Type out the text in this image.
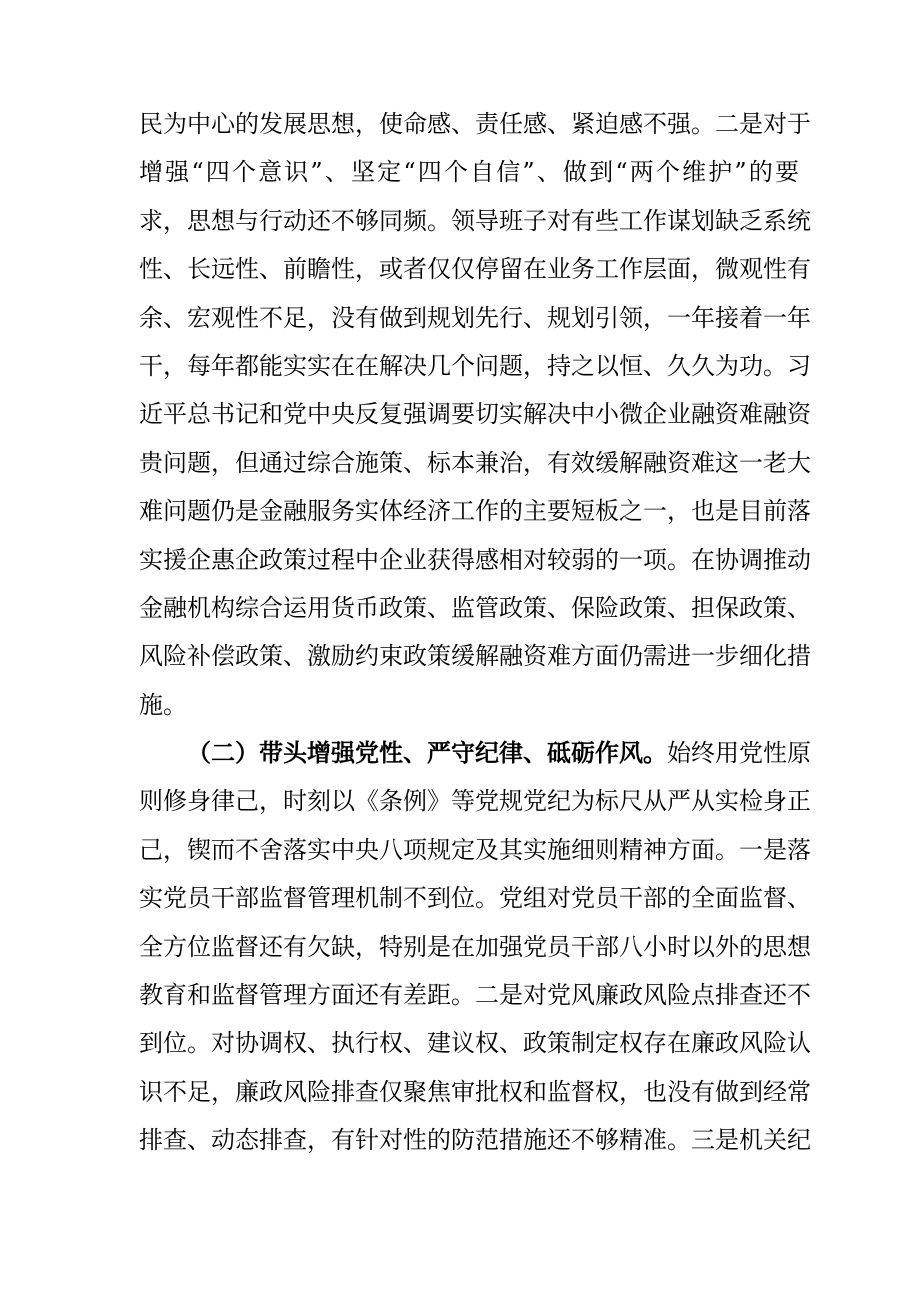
民为中心的发展思想，使命感、责任感、紧迫感不强。二是对于
增强“四个意识”、坚定“四个自信”、做到“两个维护”的要
求，思想与行动还不够同频。领导班子对有些工作谋划缺乏系统
性、长远性、前瞻性，或者仅仅停留在业务工作层面，微观性有
余、宏观性不足，没有做到规划先行、规划引领，一年接着一年
干，每年都能实实在在解决几个问题，持之以恒、久久为功。习
近平总书记和党中央反复强调要切实解决中小微企业融资难融资
贵问题，但通过综合施策、标本兼治，有效缓解融资难这一老大
难问题仍是金融服务实体经济工作的主要短板之一，也是目前落
实援企惠企政策过程中企业获得感相对较弱的一项。在协调推动
金融机构综合运用货币政策、监管政策、保险政策、担保政策、
风险补偿政策、激励约束政策缓解融资难方面仍需进一步细化措
施。
（二）带头增强党性、严守纪律、砥砺作风。 始终用党性原
则修身律己，时刻以《条例》等党规党纪为标尺从严从实检身正
己，锲而不舍落实中央八项规定及其实施细则精神方面。一是落
实党员干部监督管理机制不到位。党组对党员干部的全面监督、
全方位监督还有欠缺，特别是在加强党员干部八小时以外的思想
教育和监督管理方面还有差距。二是对党风廉政风险点排查还不
到位。对协调权、执行权、建议权、政策制定权存在廉政风险认
识不足，廉政风险排查仅聚焦审批权和监督权，也没有做到经常
排查、动态排查，有针对性的防范措施还不够精准。三是机关纪
